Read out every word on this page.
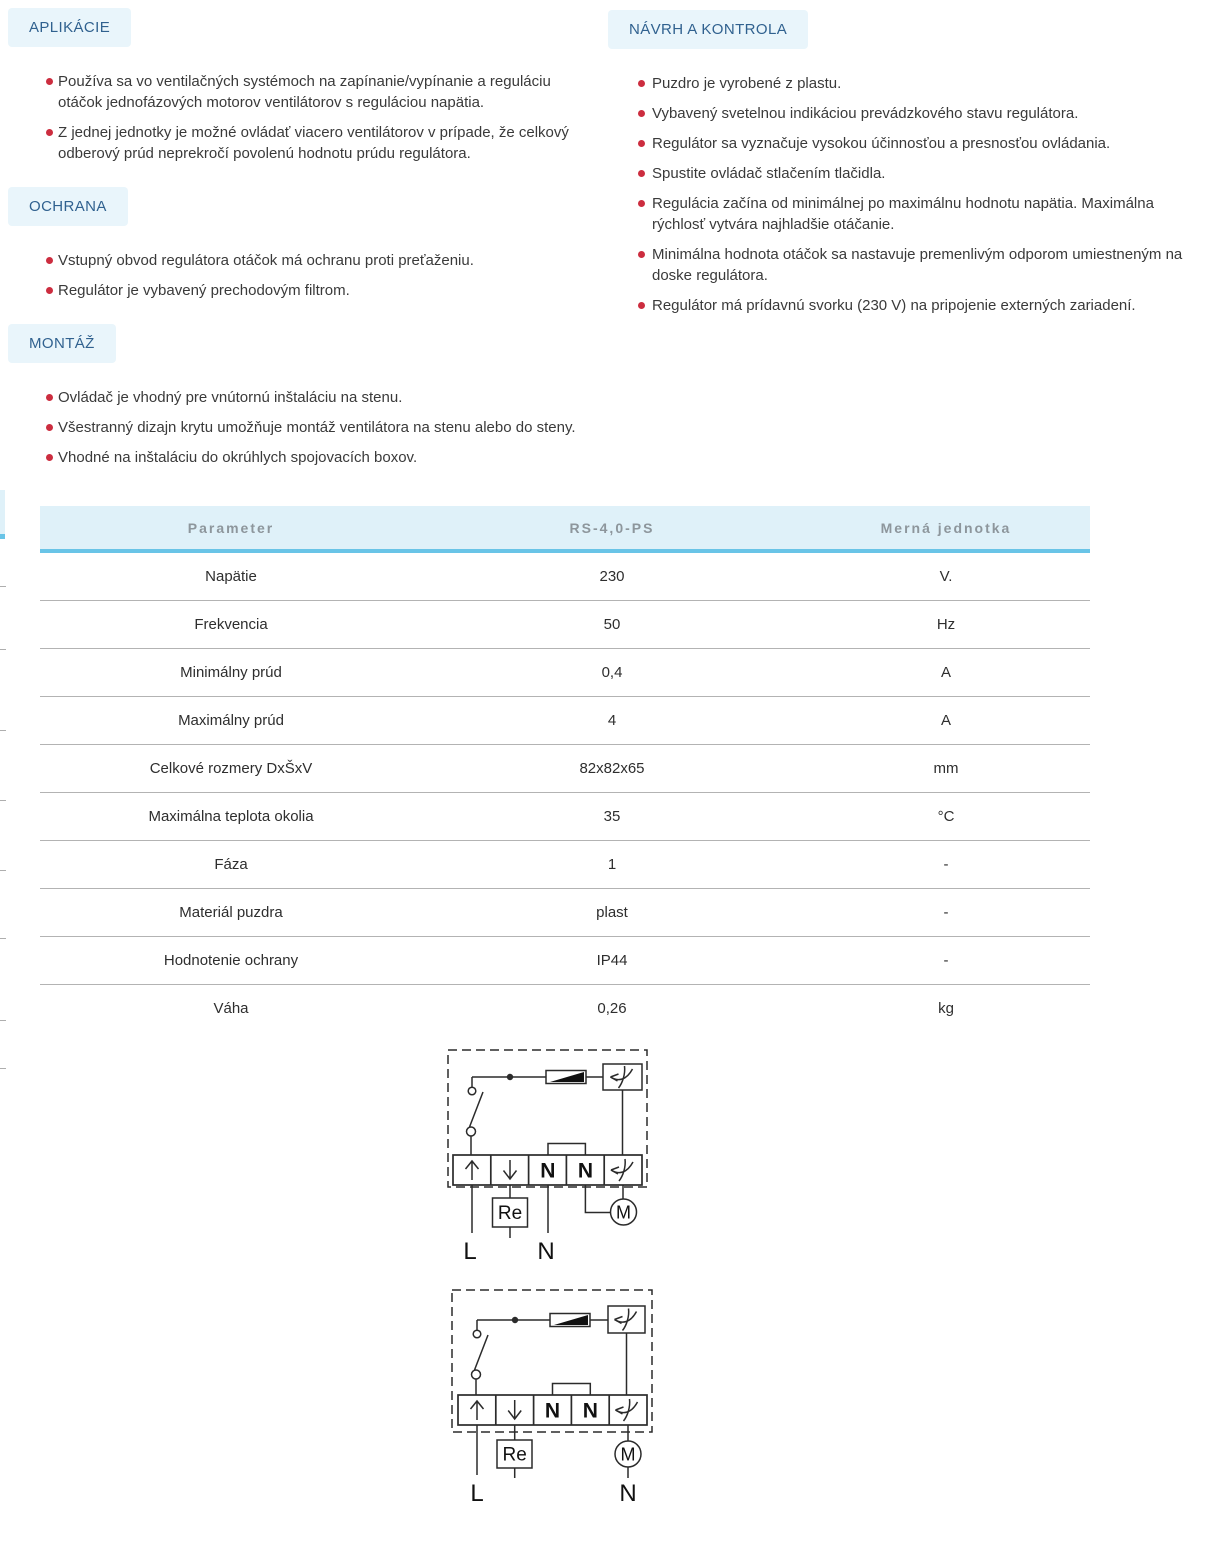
APLIKÁCIE
Používa sa vo ventilačných systémoch na zapínanie/vypínanie a reguláciu otáčok jednofázových motorov ventilátorov s reguláciou napätia.
Z jednej jednotky je možné ovládať viacero ventilátorov v prípade, že celkový odberový prúd neprekročí povolenú hodnotu prúdu regulátora.
OCHRANA
Vstupný obvod regulátora otáčok má ochranu proti preťaženiu.
Regulátor je vybavený prechodovým filtrom.
MONTÁŽ
Ovládač je vhodný pre vnútornú inštaláciu na stenu.
Všestranný dizajn krytu umožňuje montáž ventilátora na stenu alebo do steny.
Vhodné na inštaláciu do okrúhlych spojovacích boxov.
NÁVRH A KONTROLA
Puzdro je vyrobené z plastu.
Vybavený svetelnou indikáciou prevádzkového stavu regulátora.
Regulátor sa vyznačuje vysokou účinnosťou a presnosťou ovládania.
Spustite ovládač stlačením tlačidla.
Regulácia začína od minimálnej po maximálnu hodnotu napätia. Maximálna rýchlosť vytvára najhladšie otáčanie.
Minimálna hodnota otáčok sa nastavuje premenlivým odporom umiestneným na doske regulátora.
Regulátor má prídavnú svorku (230 V) na pripojenie externých zariadení.
Parameter	RS-4,0-PS	Merná jednotka
Napätie	230	V.
Frekvencia	50	Hz
Minimálny prúd	0,4	A
Maximálny prúd	4	A
Celkové rozmery DxŠxV	82x82x65	mm
Maximálna teplota okolia	35	°C
Fáza	1	-
Materiál puzdra	plast	-
Hodnotenie ochrany	IP44	-
Váha	0,26	kg
N N
Re	M
L	N
N N
Re	M
L	N
